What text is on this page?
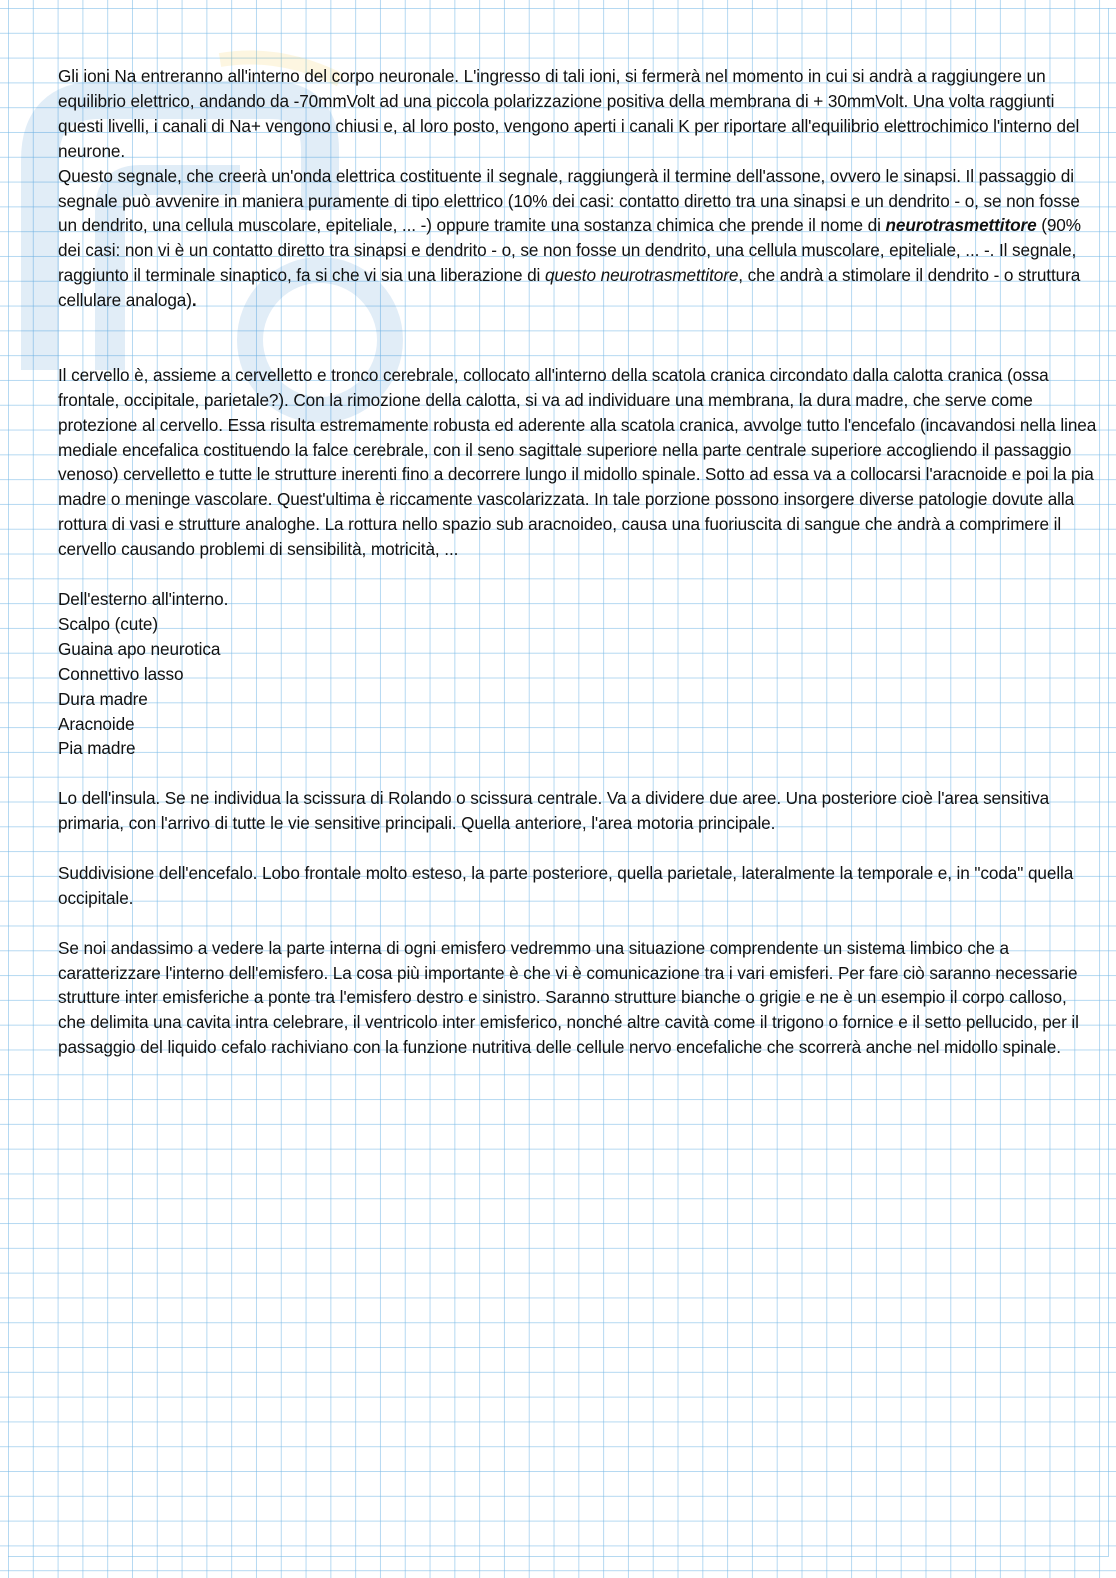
Gli ioni Na entreranno all'interno del corpo neuronale. L'ingresso di tali ioni, si fermerà nel momento in cui si andrà a raggiungere un equilibrio elettrico, andando da -70mmVolt ad una piccola polarizzazione positiva della membrana di + 30mmVolt. Una volta raggiunti questi livelli, i canali di Na+ vengono chiusi e, al loro posto, vengono aperti i canali K per riportare all'equilibrio elettrochimico l'interno del neurone.
Questo segnale, che creerà un'onda elettrica costituente il segnale, raggiungerà il termine dell'assone, ovvero le sinapsi. Il passaggio di segnale può avvenire in maniera puramente di tipo elettrico (10% dei casi: contatto diretto tra una sinapsi e un dendrito - o, se non fosse un dendrito, una cellula muscolare, epiteliale, ... -) oppure tramite una sostanza chimica che prende il nome di neurotrasmettitore (90% dei casi: non vi è un contatto diretto tra sinapsi e dendrito - o, se non fosse un dendrito, una cellula muscolare, epiteliale, ... -. Il segnale, raggiunto il terminale sinaptico, fa si che vi sia una liberazione di questo neurotrasmettitore, che andrà a stimolare il dendrito - o struttura cellulare analoga).

Il cervello è, assieme a cervelletto e tronco cerebrale, collocato all'interno della scatola cranica circondato dalla calotta cranica (ossa frontale, occipitale, parietale?). Con la rimozione della calotta, si va ad individuare una membrana, la dura madre, che serve come protezione al cervello. Essa risulta estremamente robusta ed aderente alla scatola cranica, avvolge tutto l'encefalo (incavandosi nella linea mediale encefalica costituendo la falce cerebrale, con il seno sagittale superiore nella parte centrale superiore accogliendo il passaggio venoso) cervelletto e tutte le strutture inerenti fino a decorrere lungo il midollo spinale. Sotto ad essa va a collocarsi l'aracnoide e poi la pia madre o meninge vascolare. Quest'ultima è riccamente vascolarizzata. In tale porzione possono insorgere diverse patologie dovute alla rottura di vasi e strutture analoghe. La rottura nello spazio sub aracnoideo, causa una fuoriuscita di sangue che andrà a comprimere il cervello causando problemi di sensibilità, motricità, ...

Dell'esterno all'interno.

Scalpo (cute)

Guaina apo neurotica

Connettivo lasso

Dura madre

Aracnoide

Pia madre

Lo dell'insula. Se ne individua la scissura di Rolando o scissura centrale. Va a dividere due aree. Una posteriore cioè l'area sensitiva primaria, con l'arrivo di tutte le vie sensitive principali. Quella anteriore, l'area motoria principale.

Suddivisione dell'encefalo. Lobo frontale molto esteso, la parte posteriore, quella parietale, lateralmente la temporale e, in "coda" quella occipitale.

Se noi andassimo a vedere la parte interna di ogni emisfero vedremmo una situazione comprendente un sistema limbico che a caratterizzare l'interno dell'emisfero. La cosa più importante è che vi è comunicazione tra i vari emisferi. Per fare ciò saranno necessarie strutture inter emisferiche a ponte tra l'emisfero destro e sinistro. Saranno strutture bianche o grigie e ne è un esempio il corpo calloso, che delimita una cavita intra celebrare, il ventricolo inter emisferico, nonché altre cavità come il trigono o fornice e il setto pellucido, per il passaggio del liquido cefalo rachiviano con la funzione nutritiva delle cellule nervo encefaliche che scorrerà anche nel midollo spinale.
